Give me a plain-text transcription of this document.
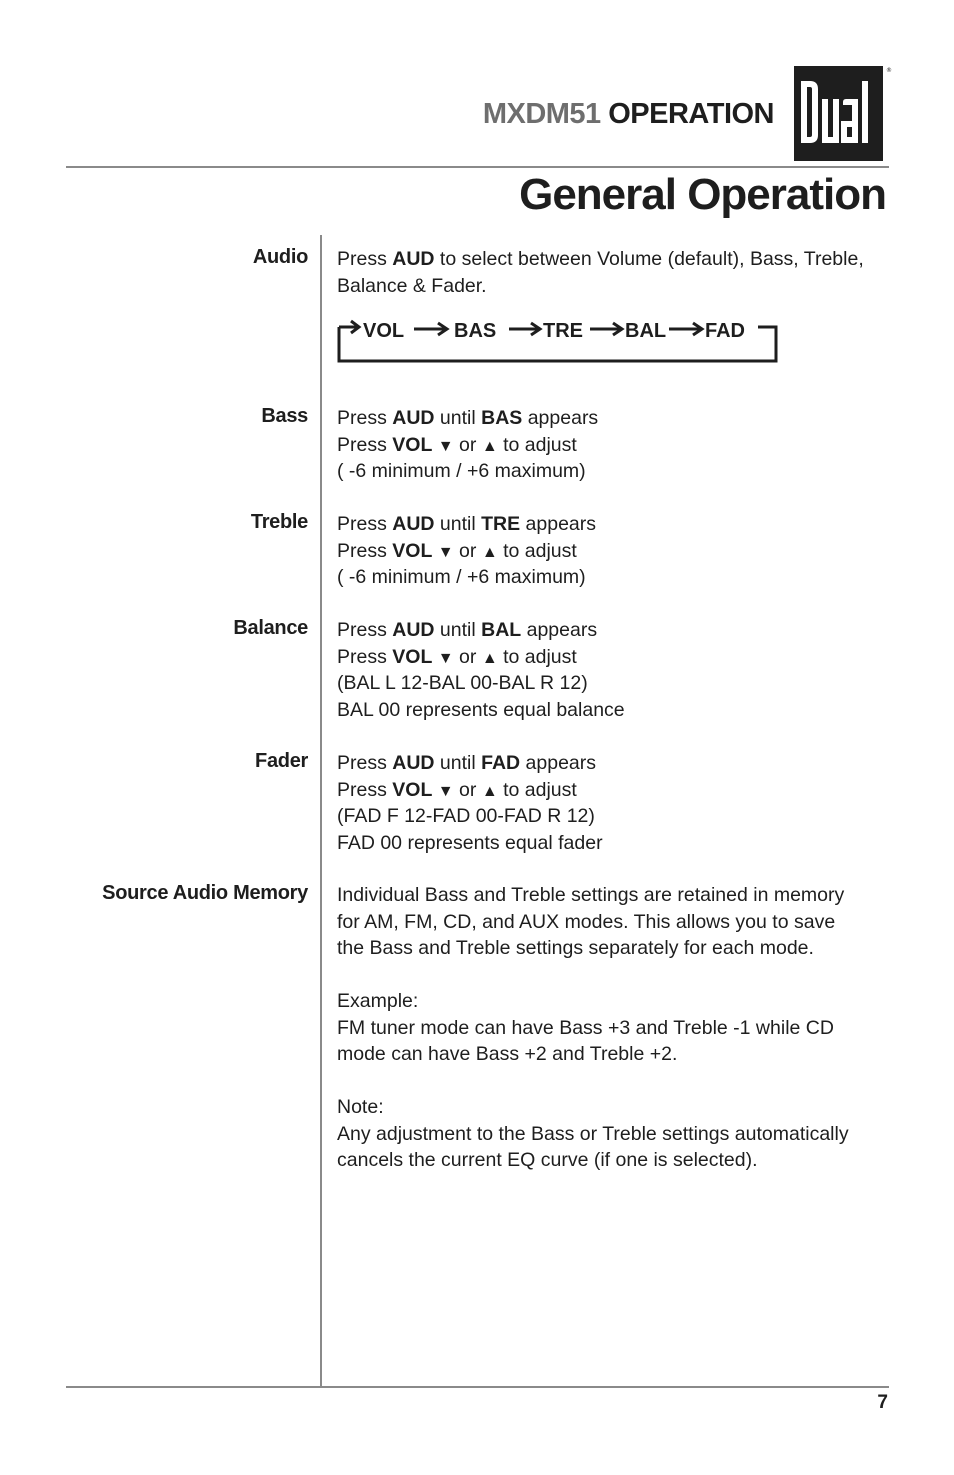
MXDM51 OPERATION
®
General Operation
Audio Press AUD to select between Volume (default), Bass, Treble,
Balance & Fader.
VOL BAS TRE BAL FAD
Bass Press AUD until BAS appears
Press VOL ▼ or ▲ to adjust
( -6 minimum / +6 maximum)
Treble Press AUD until TRE appears
Press VOL ▼ or ▲ to adjust
( -6 minimum / +6 maximum)
Balance Press AUD until BAL appears
Press VOL ▼ or ▲ to adjust
(BAL L 12-BAL 00-BAL R 12)
BAL 00 represents equal balance
Fader Press AUD until FAD appears
Press VOL ▼ or ▲ to adjust
(FAD F 12-FAD 00-FAD R 12)
FAD 00 represents equal fader
Source Audio Memory Individual Bass and Treble settings are retained in memory
for AM, FM, CD, and AUX modes. This allows you to save
the Bass and Treble settings separately for each mode.
Example:
FM tuner mode can have Bass +3 and Treble -1 while CD
mode can have Bass +2 and Treble +2.
Note:
Any adjustment to the Bass or Treble settings automatically
cancels the current EQ curve (if one is selected).
7
